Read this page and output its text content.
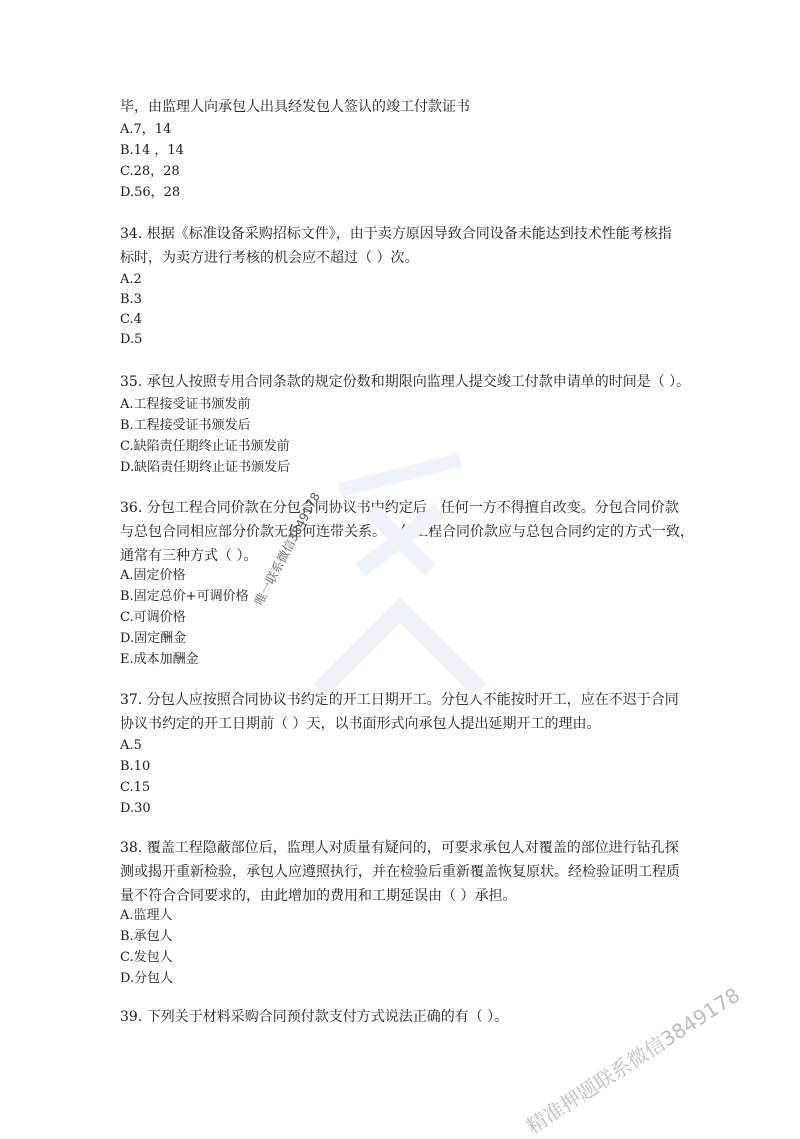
毕，由监理人向承包人出具经发包人签认的竣工付款证书
A.7，14
B.14 ，14
C.28，28
D.56，28
34. 根据《标准设备采购招标文件》，由于卖方原因导致合同设备未能达到技术性能考核指
标时，为卖方进行考核的机会应不超过（ ）次。
A.2
B.3
C.4
D.5
35. 承包人按照专用合同条款的规定份数和期限向监理人提交竣工付款申请单的时间是（ ）。
A.工程接受证书颁发前
B.工程接受证书颁发后
C.缺陷责任期终止证书颁发前
D.缺陷责任期终止证书颁发后
36. 分包工程合同价款在分包合同协议书中约定后，任何一方不得擅自改变。分包合同价款
与总包合同相应部分价款无任何连带关系。分包工程合同价款应与总包合同约定的方式一致，
通常有三种方式（ ）。
A.固定价格
B.固定总价+可调价格
C.可调价格
D.固定酬金
E.成本加酬金
37. 分包人应按照合同协议书约定的开工日期开工。分包人不能按时开工，应在不迟于合同
协议书约定的开工日期前（ ）天，以书面形式向承包人提出延期开工的理由。
A.5
B.10
C.15
D.30
38. 覆盖工程隐蔽部位后，监理人对质量有疑问的，可要求承包人对覆盖的部位进行钻孔探
测或揭开重新检验，承包人应遵照执行，并在检验后重新覆盖恢复原状。经检验证明工程质
量不符合合同要求的，由此增加的费用和工期延误由（ ）承担。
A.监理人
B.承包人
C.发包人
D.分包人
39. 下列关于材料采购合同预付款支付方式说法正确的有（ ）。
唯一联系微信3849178
精准押题联系微信3849178
